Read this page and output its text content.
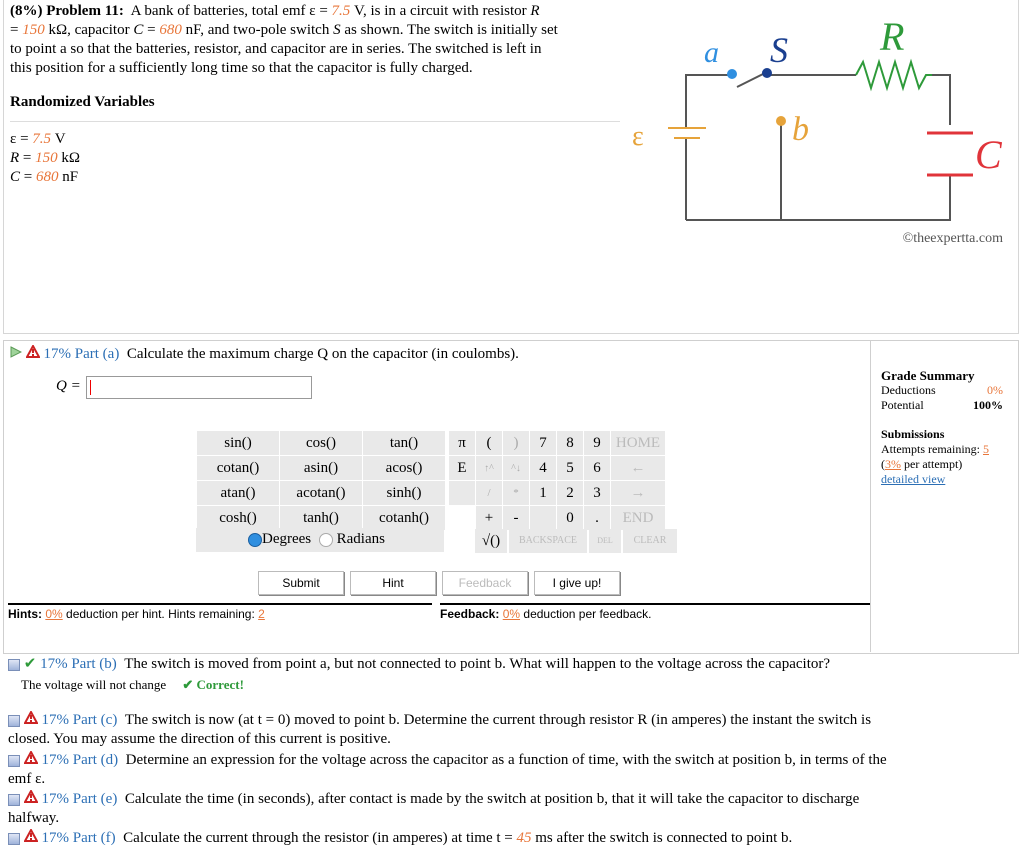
(8%) Problem 11: A bank of batteries, total emf ε = 7.5 V, is in a circuit with resistor R
= 150 kΩ, capacitor C = 680 nF, and two-pole switch S as shown. The switch is initially set
to point a so that the batteries, resistor, and capacitor are in series. The switched is left in
this position for a sufficiently long time so that the capacitor is fully charged.
Randomized Variables
ε = 7.5 V
R = 150 kΩ
C = 680 nF
a S R
b
C
ε
©theexpertta.com
17% Part (a) Calculate the maximum charge Q on the capacitor (in coulombs).
Q =
sin()	cos()	tan()
cotan()	asin()	acos()
atan()	acotan()	sinh()
cosh()	tanh()	cotanh()
Degrees Radians
π	(	)	7	8	9	HOME
E	↑^	^↓	4	5	6	←
	/	*	1	2	3	→
	+	-		0	.	END
√()	BACKSPACE	DEL	CLEAR
Submit	Hint	Feedback	I give up!
Hints: 0% deduction per hint. Hints remaining: 2	Feedback: 0% deduction per feedback.
Grade Summary
Deductions	0%
Potential	100%
Submissions
Attempts remaining: 5
(3% per attempt)
detailed view
✔ 17% Part (b) The switch is moved from point a, but not connected to point b. What will happen to the voltage across the capacitor?
The voltage will not change ✔ Correct!
17% Part (c) The switch is now (at t = 0) moved to point b. Determine the current through resistor R (in amperes) the instant the switch is
closed. You may assume the direction of this current is positive.
17% Part (d) Determine an expression for the voltage across the capacitor as a function of time, with the switch at position b, in terms of the
emf ε.
17% Part (e) Calculate the time (in seconds), after contact is made by the switch at position b, that it will take the capacitor to discharge
halfway.
17% Part (f) Calculate the current through the resistor (in amperes) at time t = 45 ms after the switch is connected to point b.
